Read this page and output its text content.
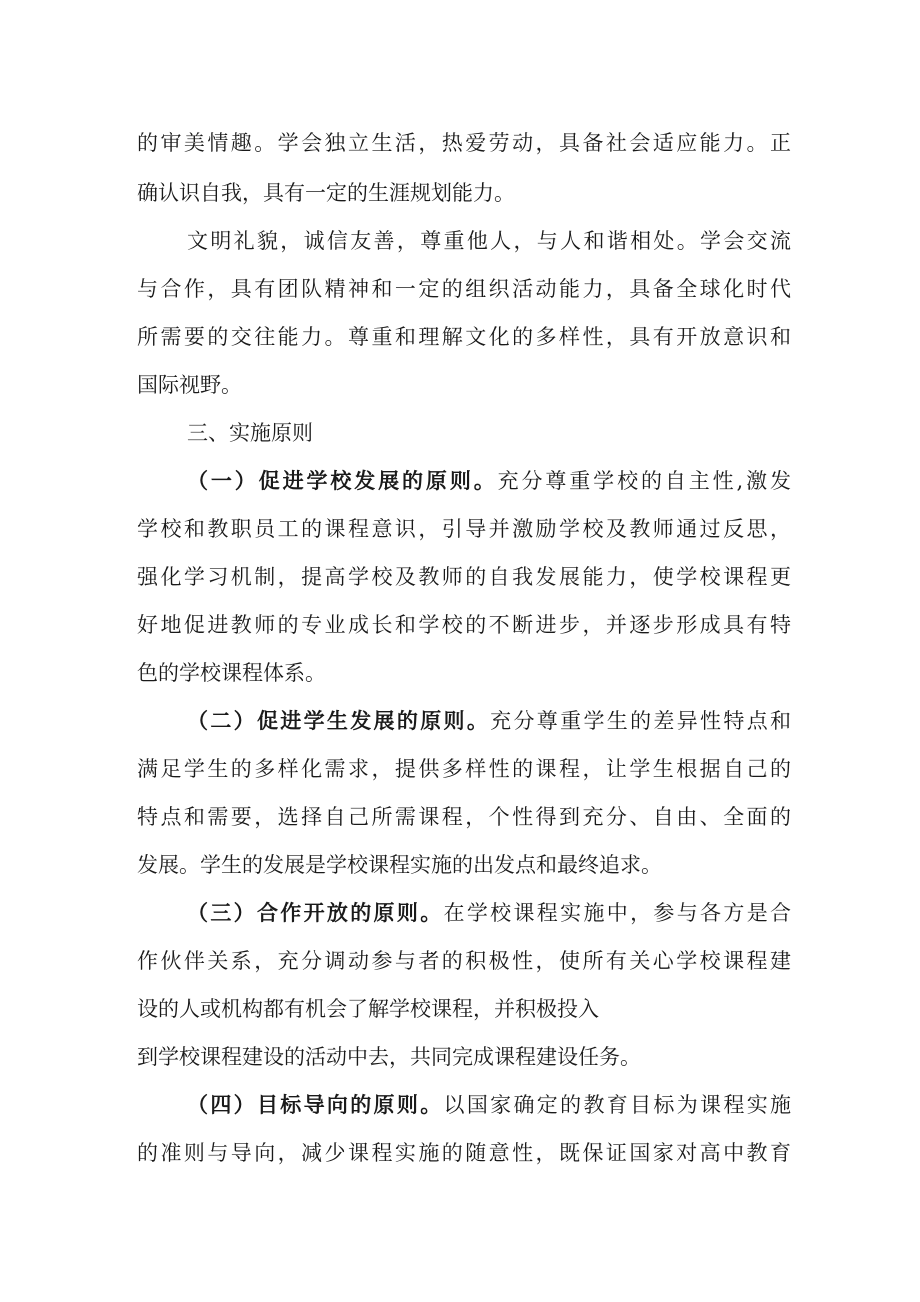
的审美情趣。学会独立生活，热爱劳动，具备社会适应能力。正
确认识自我，具有一定的生涯规划能力。
文明礼貌，诚信友善，尊重他人，与人和谐相处。学会交流
与合作，具有团队精神和一定的组织活动能力，具备全球化时代
所需要的交往能力。尊重和理解文化的多样性，具有开放意识和
国际视野。
三、实施原则
（一）促进学校发展的原则。充分尊重学校的自主性,激发
学校和教职员工的课程意识，引导并激励学校及教师通过反思，
强化学习机制，提高学校及教师的自我发展能力，使学校课程更
好地促进教师的专业成长和学校的不断进步，并逐步形成具有特
色的学校课程体系。
（二）促进学生发展的原则。充分尊重学生的差异性特点和
满足学生的多样化需求，提供多样性的课程，让学生根据自己的
特点和需要，选择自己所需课程，个性得到充分、自由、全面的
发展。学生的发展是学校课程实施的出发点和最终追求。
（三）合作开放的原则。在学校课程实施中，参与各方是合
作伙伴关系，充分调动参与者的积极性，使所有关心学校课程建
设的人或机构都有机会了解学校课程，并积极投入
到学校课程建设的活动中去，共同完成课程建设任务。
（四）目标导向的原则。以国家确定的教育目标为课程实施
的准则与导向，减少课程实施的随意性，既保证国家对高中教育
